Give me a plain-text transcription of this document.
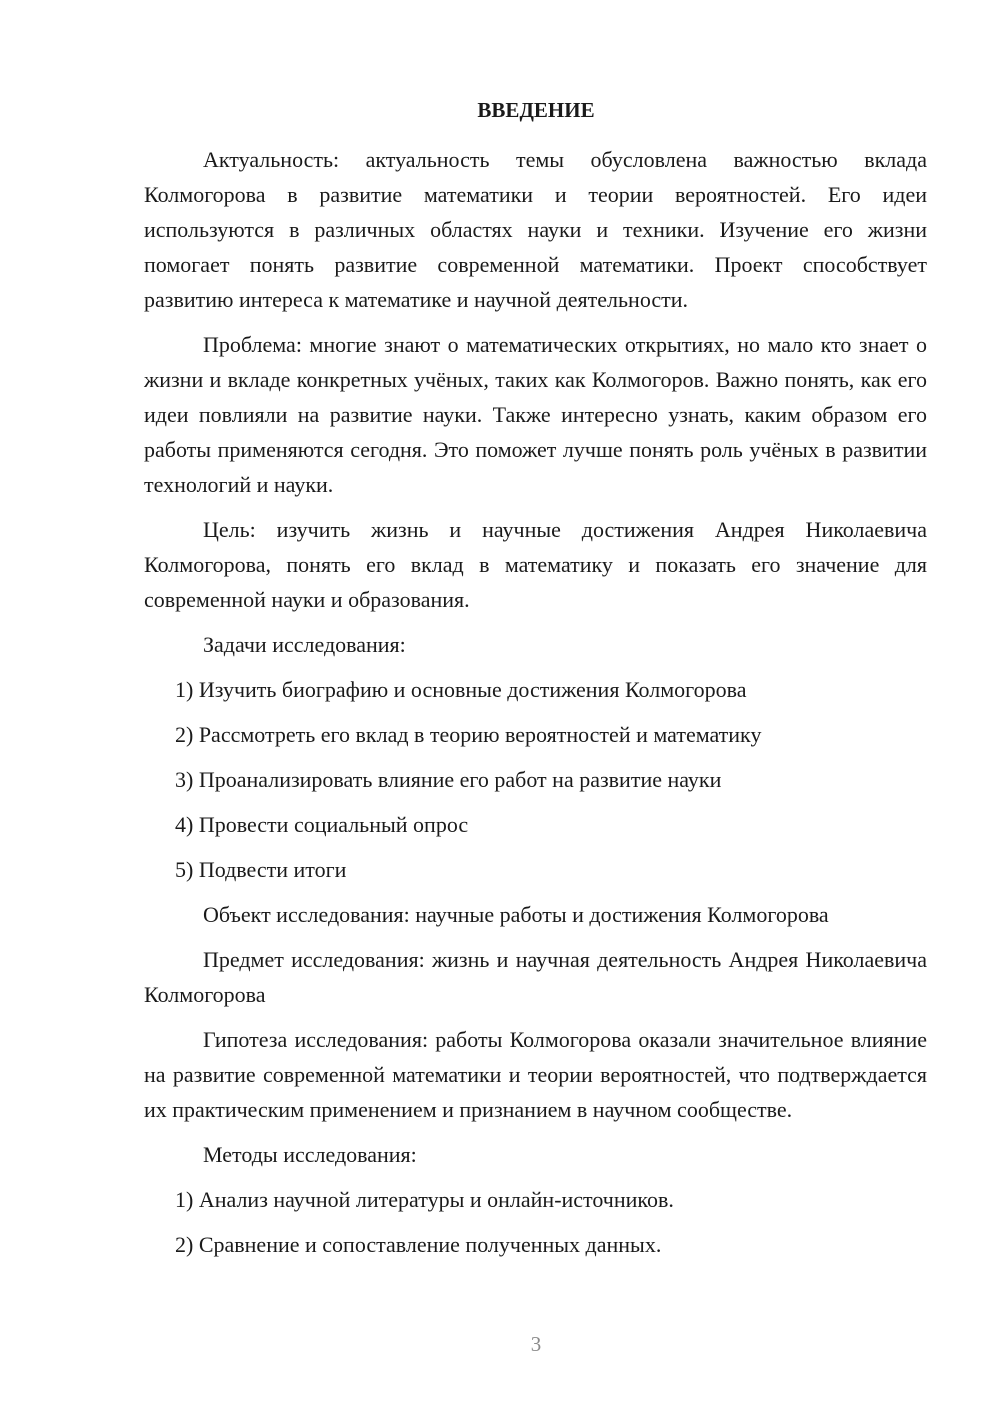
ВВЕДЕНИЕ

Актуальность: актуальность темы обусловлена важностью вклада Колмогорова в развитие математики и теории вероятностей. Его идеи используются в различных областях науки и техники. Изучение его жизни помогает понять развитие современной математики. Проект способствует развитию интереса к математике и научной деятельности.

Проблема: многие знают о математических открытиях, но мало кто знает о жизни и вкладе конкретных учёных, таких как Колмогоров. Важно понять, как его идеи повлияли на развитие науки. Также интересно узнать, каким образом его работы применяются сегодня. Это поможет лучше понять роль учёных в развитии технологий и науки.

Цель: изучить жизнь и научные достижения Андрея Николаевича Колмогорова, понять его вклад в математику и показать его значение для современной науки и образования.

Задачи исследования:

1) Изучить биографию и основные достижения Колмогорова

2) Рассмотреть его вклад в теорию вероятностей и математику

3) Проанализировать влияние его работ на развитие науки

4) Провести социальный опрос

5) Подвести итоги

Объект исследования: научные работы и достижения Колмогорова

Предмет исследования: жизнь и научная деятельность Андрея Николаевича Колмогорова

Гипотеза исследования: работы Колмогорова оказали значительное влияние на развитие современной математики и теории вероятностей, что подтверждается их практическим применением и признанием в научном сообществе.

Методы исследования:

1) Анализ научной литературы и онлайн-источников.

2) Сравнение и сопоставление полученных данных.

3
